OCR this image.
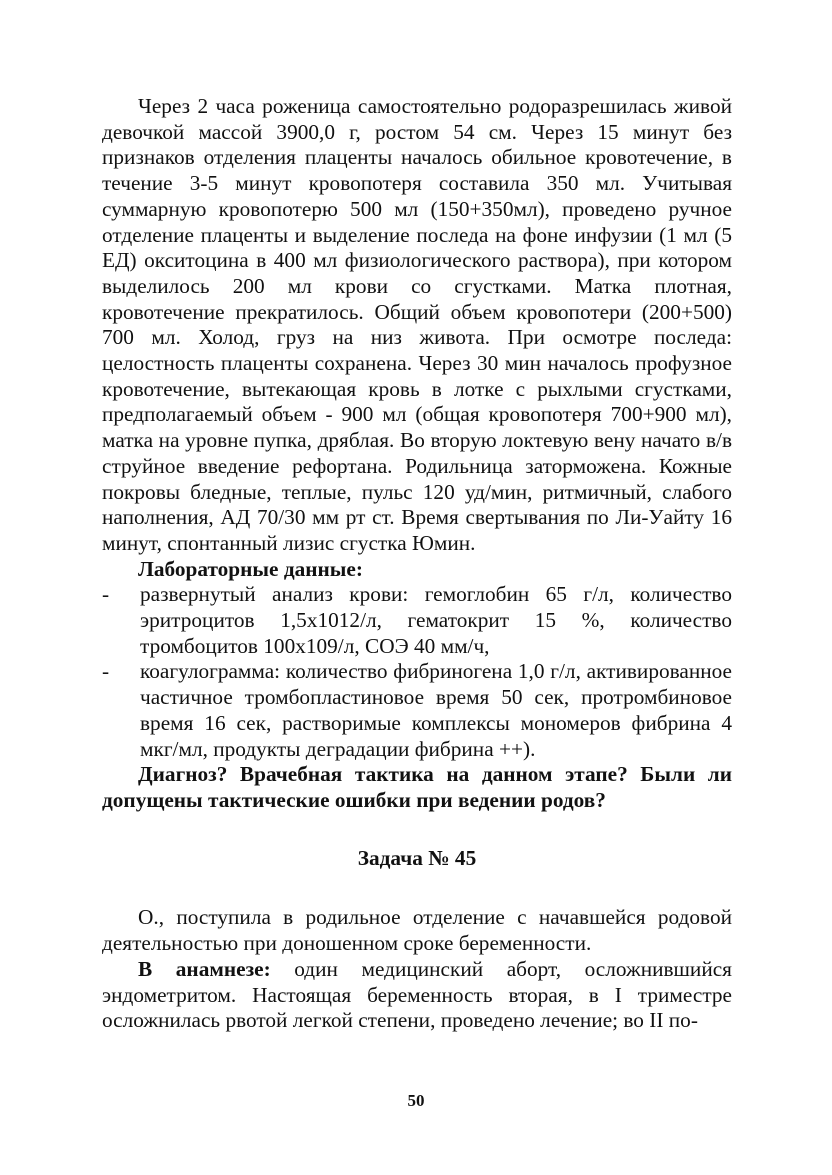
Через 2 часа роженица самостоятельно родоразрешилась живой девочкой массой 3900,0 г, ростом 54 см. Через 15 минут без признаков отделения плаценты началось обильное кровотечение, в течение 3-5 минут кровопотеря составила 350 мл. Учитывая суммарную кровопотерю 500 мл (150+350мл), проведено ручное отделение плаценты и выделение последа на фоне инфузии (1 мл (5 ЕД) окситоцина в 400 мл физиологического раствора), при котором выделилось 200 мл крови со сгустками. Матка плотная, кровотечение прекратилось. Общий объем кровопотери (200+500) 700 мл. Холод, груз на низ живота. При осмотре последа: целостность плаценты сохранена. Через 30 мин началось профузное кровотечение, вытекающая кровь в лотке с рыхлыми сгустками, предполагаемый объем - 900 мл (общая кровопотеря 700+900 мл), матка на уровне пупка, дряблая. Во вторую локтевую вену начато в/в струйное введение рефортана. Родильница заторможена. Кожные покровы бледные, теплые, пульс 120 уд/мин, ритмичный, слабого наполнения, АД 70/30 мм рт ст. Время свертывания по Ли-Уайту 16 минут, спонтанный лизис сгустка Юмин.

Лабораторные данные:

- развернутый анализ крови: гемоглобин 65 г/л, количество эритроцитов 1,5х1012/л, гематокрит 15 %, количество тромбоцитов 100х109/л, СОЭ 40 мм/ч,
- коагулограмма: количество фибриногена 1,0 г/л, активированное частичное тромбопластиновое время 50 сек, протромбиновое время 16 сек, растворимые комплексы мономеров фибрина 4 мкг/мл, продукты деградации фибрина ++).

Диагноз? Врачебная тактика на данном этапе? Были ли допущены тактические ошибки при ведении родов?

Задача № 45

О., поступила в родильное отделение с начавшейся родовой деятельностью при доношенном сроке беременности.

В анамнезе: один медицинский аборт, осложнившийся эндометритом. Настоящая беременность вторая, в I триместре осложнилась рвотой легкой степени, проведено лечение; во II по-

50
